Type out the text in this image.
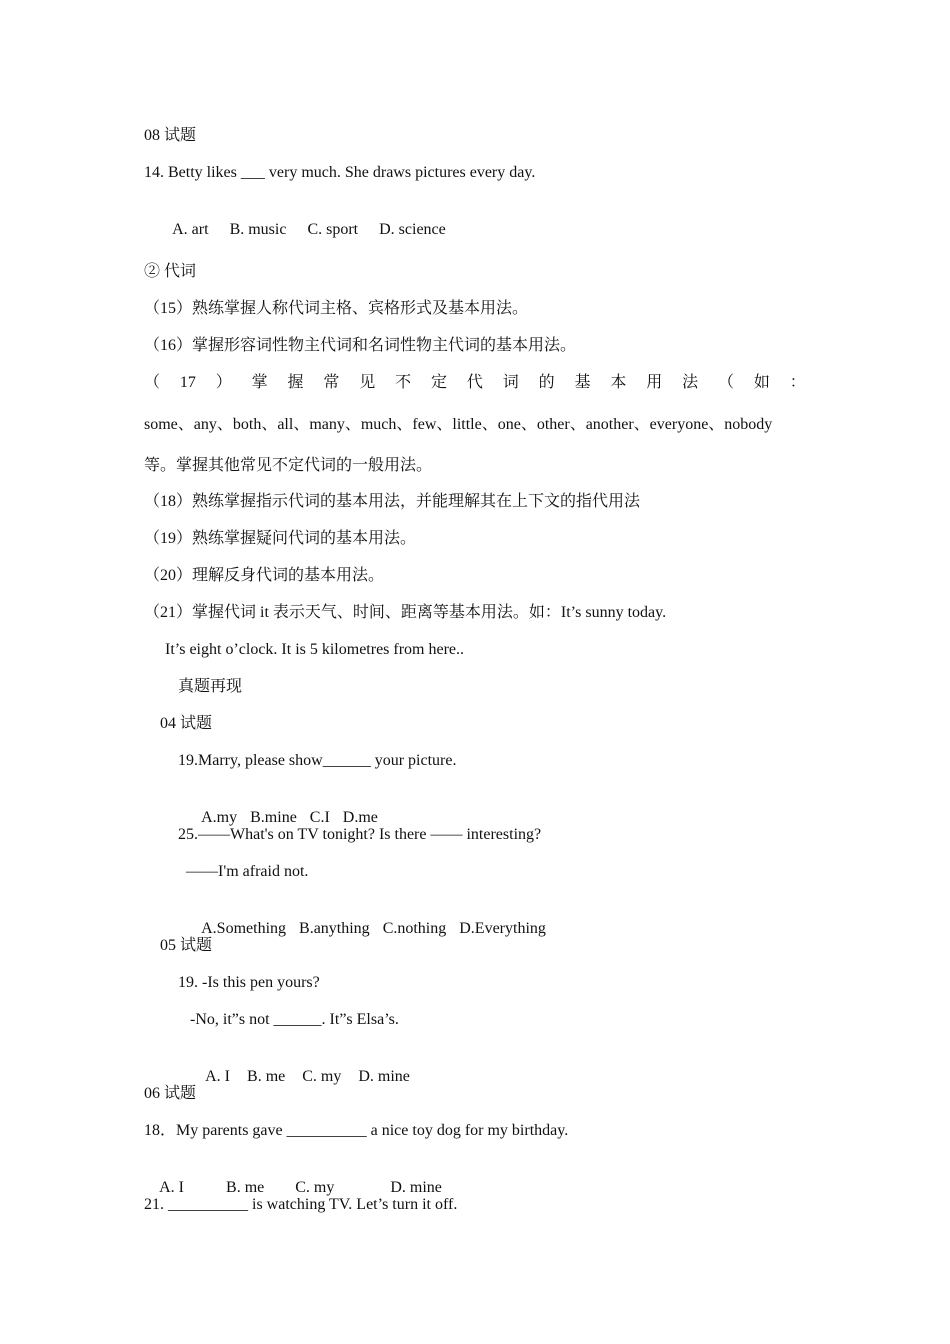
08 试题
14. Betty likes ___ very much. She draws pictures every day.

A. art B. music C. sport D. science

② 代词
（15）熟练掌握人称代词主格、宾格形式及基本用法。
（16）掌握形容词性物主代词和名词性物主代词的基本用法。
（ 17 ） 掌 握 常 见 不 定 代 词 的 基 本 用 法 （ 如 ：
some、any、both、all、many、much、few、little、one、other、another、everyone、nobody
等。掌握其他常见不定代词的一般用法。
（18）熟练掌握指示代词的基本用法，并能理解其在上下文的指代用法
（19）熟练掌握疑问代词的基本用法。
（20）理解反身代词的基本用法。
（21）掌握代词 it 表示天气、时间、距离等基本用法。如：It’s sunny today.
It’s eight o’clock. It is 5 kilometres from here..
真题再现
04 试题
19.Marry, please show______ your picture.

A.my B.mine C.I D.me

25.——What's on TV tonight? Is there —— interesting?
——I'm afraid not.

A.Something B.anything C.nothing D.Everything

05 试题
19. -Is this pen yours?
-No, it”s not ______. It”s Elsa’s.

A. I B. me C. my D. mine

06 试题
18．My parents gave __________ a nice toy dog for my birthday.

A. I	B. me C. my	D. mine

21. __________ is watching TV. Let’s turn it off.
